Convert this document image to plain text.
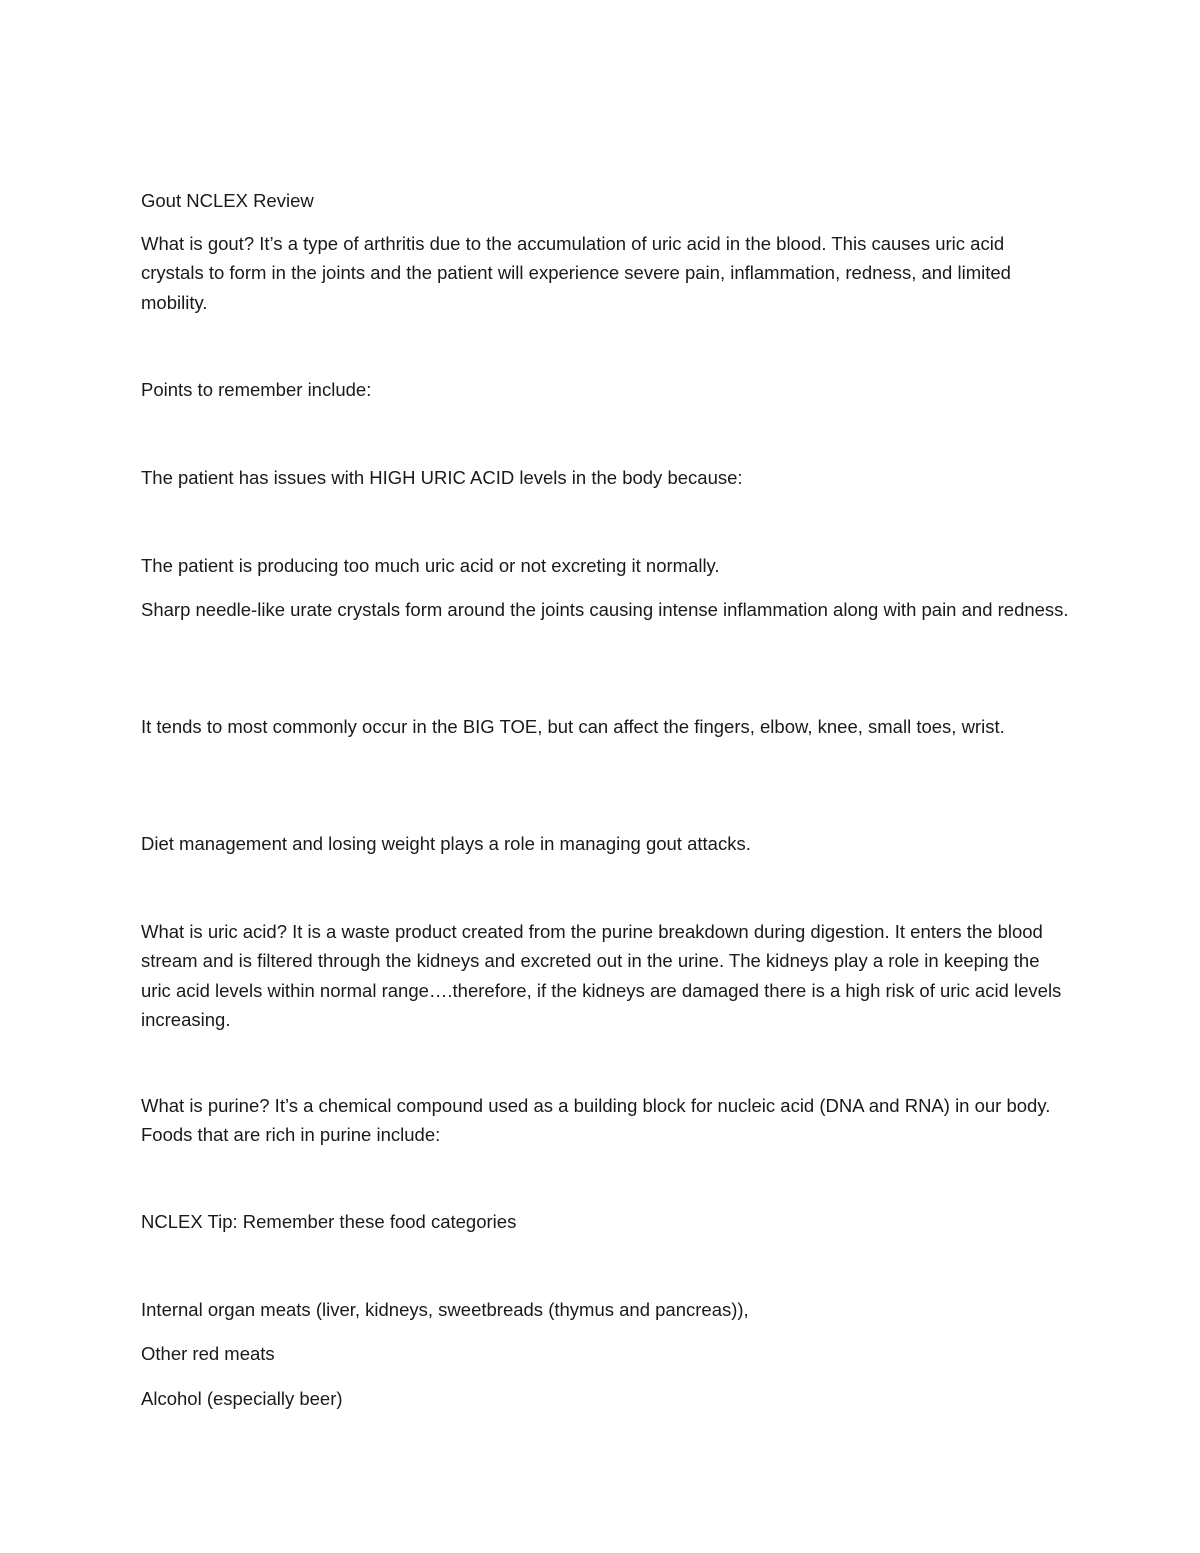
Gout NCLEX Review

What is gout? It’s a type of arthritis due to the accumulation of uric acid in the blood. This causes uric acid crystals to form in the joints and the patient will experience severe pain, inflammation, redness, and limited mobility.

Points to remember include:

The patient has issues with HIGH URIC ACID levels in the body because:

The patient is producing too much uric acid or not excreting it normally.

Sharp needle-like urate crystals form around the joints causing intense inflammation along with pain and redness.

It tends to most commonly occur in the BIG TOE, but can affect the fingers, elbow, knee, small toes, wrist.

Diet management and losing weight plays a role in managing gout attacks.

What is uric acid? It is a waste product created from the purine breakdown during digestion. It enters the blood stream and is filtered through the kidneys and excreted out in the urine. The kidneys play a role in keeping the uric acid levels within normal range….therefore, if the kidneys are damaged there is a high risk of uric acid levels increasing.

What is purine? It’s a chemical compound used as a building block for nucleic acid (DNA and RNA) in our body. Foods that are rich in purine include:

NCLEX Tip: Remember these food categories

Internal organ meats (liver, kidneys, sweetbreads (thymus and pancreas)),

Other red meats

Alcohol (especially beer)
